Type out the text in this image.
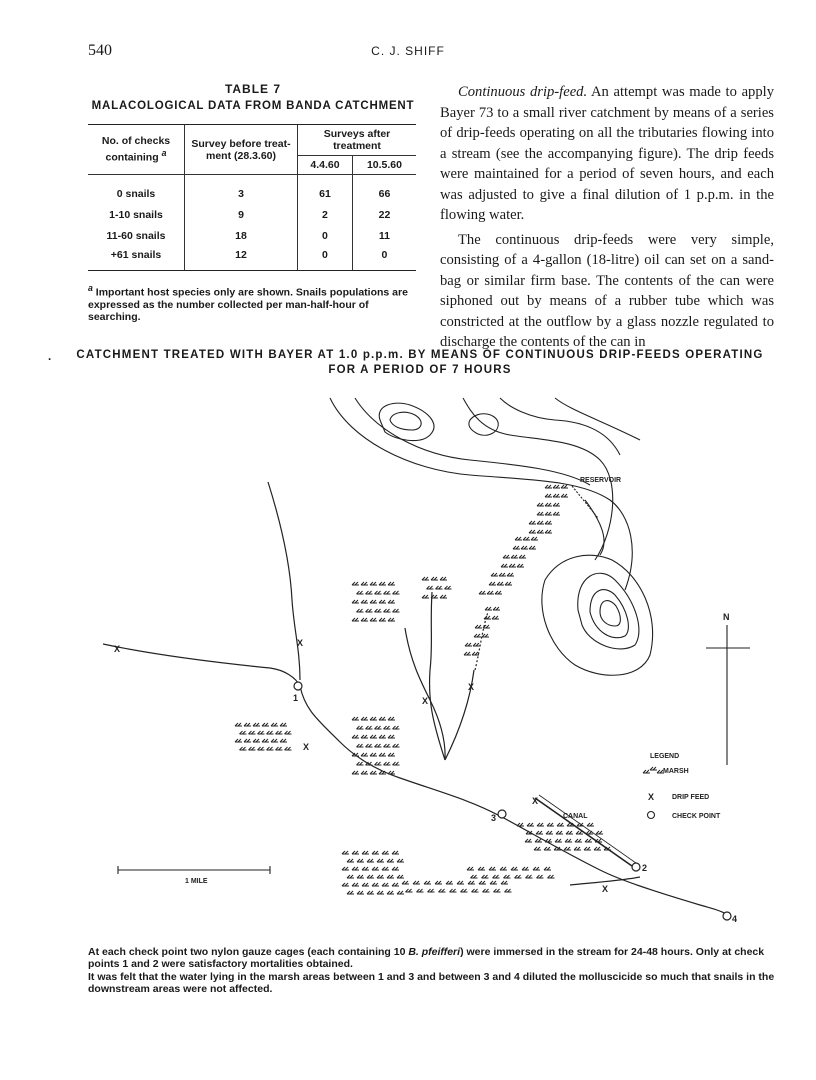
540	C. J. SHIFF
TABLE 7
MALACOLOGICAL DATA FROM BANDA CATCHMENT
No. of checks containing $^a$	Survey before treat-ment (28.3.60)	Surveys after treatment	
		4.4.60	10.5.60

0 snails	3	61	66
1-10 snails	9	2	22
11-60 snails	18	0	11
+61 snails	12	0	0
$^a$ Important host species only are shown. Snails populations are expressed as the number collected per man-half-hour of searching.

Continuous drip-feed. An attempt was made to apply Bayer 73 to a small river catchment by means of a series of drip-feeds operating on all the tributaries flowing into a stream (see the accompanying figure). The drip feeds were maintained for a period of seven hours, and each was adjusted to give a final dilution of 1 p.p.m. in the flowing water.

The continuous drip-feeds were very simple, consisting of a 4-gallon (18-litre) oil can set on a sand-bag or similar firm base. The contents of the can were siphoned out by means of a rubber tube which was constricted at the outflow by a glass nozzle regulated to discharge the contents of the can in

.	CATCHMENT TREATED WITH BAYER AT 1.0 p.p.m. BY MEANS OF CONTINUOUS DRIP-FEEDS OPERATING
FOR A PERIOD OF 7 HOURS
RESERVOIR
X
X
X
X
X
X
X
CANAL
1
3
2
4
N
1 MILE
LEGEND
MARSH
X	DRIP FEED
CHECK POINT

At each check point two nylon gauze cages (each containing 10 B. pfeifferi) were immersed in the stream for 24-48 hours. Only at check points 1 and 2 were satisfactory mortalities obtained.

It was felt that the water lying in the marsh areas between 1 and 3 and between 3 and 4 diluted the molluscicide so much that snails in the downstream areas were not affected.
